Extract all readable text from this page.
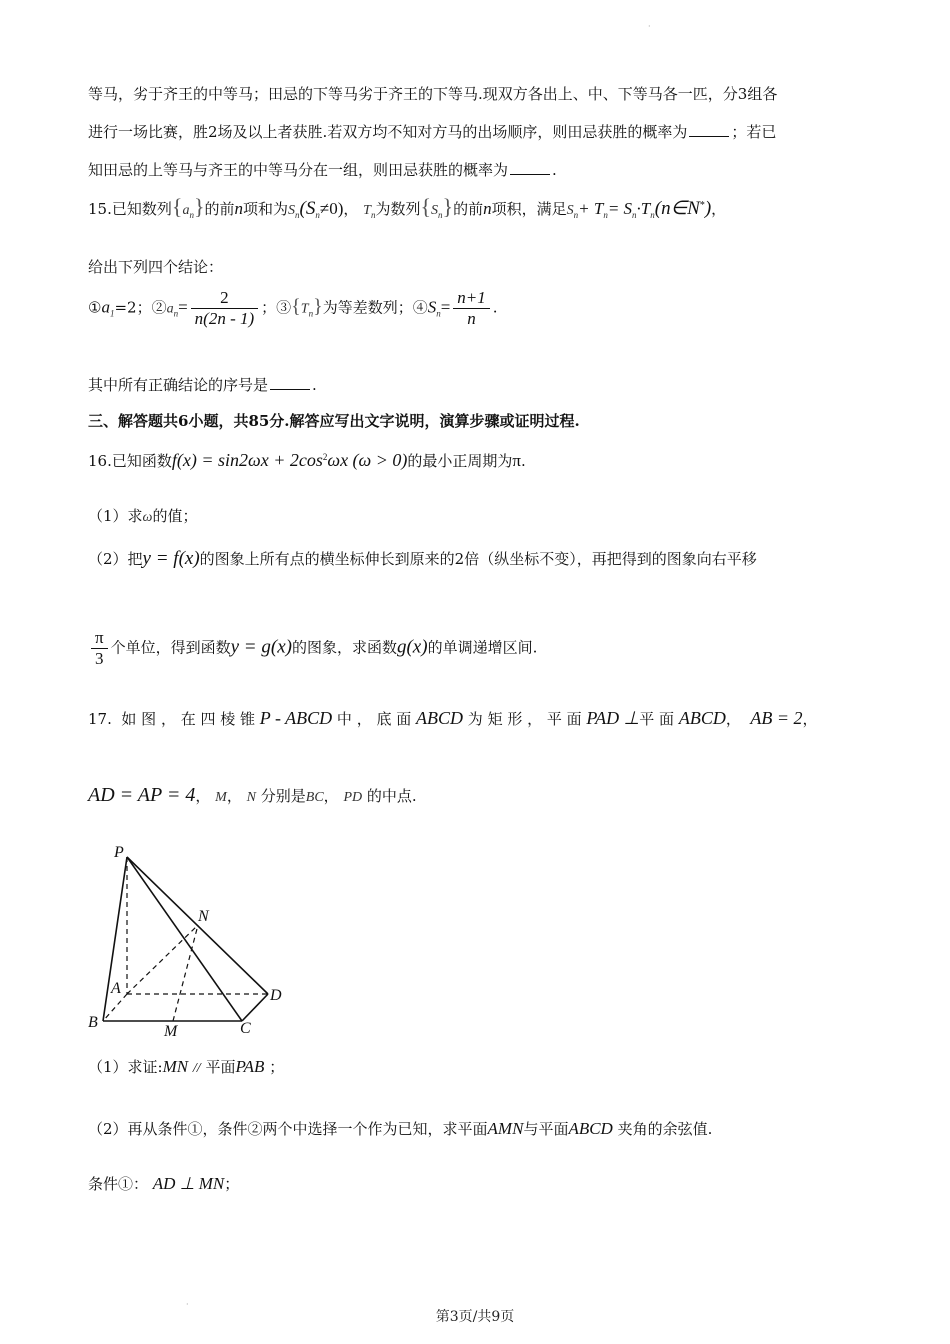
·
·
等马，劣于齐王的中等马；田忌的下等马劣于齐王的下等马.现双方各出上、中、下等马各一匹，分3组各
进行一场比赛，胜2场及以上者获胜.若双方均不知对方马的出场顺序，则田忌获胜的概率为	；若已
知田忌的上等马与齐王的中等马分在一组，则田忌获胜的概率为	.
15.已知数列$\{a_n\}$的前n项和为$S_n(S_n\ne 0)$， $T_n$为数列$\{S_n\}$的前n项积，满足$S_n+ T_n=$ $S_n\cdot T_n(n\in N^*)$，
给出下列四个结论：
$①a_1=2$；$②a_n= \frac{2}{n(2n - 1)}$ ；$③\{T_n\}$为等差数列；$④S_n= \frac{n+1}{n}$ .
其中所有正确结论的序号是	.
三、解答题共6小题，共85分.解答应写出文字说明，演算步骤或证明过程.
16.已知函数$f(x) = \sin 2\omega x + 2\cos^2\omega x$ (ω > 0)的最小正周期为π.
（1）求ω的值；
（2）把y = f(x)的图象上所有点的横坐标伸长到原来的2倍（纵坐标不变），再把得到的图象向右平移
$\frac{\pi}{3}$ 个单位，得到函数y = g(x)的图象，求函数g(x)的单调递增区间.
17. 如 图 ， 在 四 棱 锥 P - ABCD 中 ， 底 面 ABCD 为 矩 形 ， 平 面 PAD ⊥平 面 ABCD， AB = 2，
AD = AP = 4， M， N 分别是BC， PD 的中点.
P
N
A	D
B
M	C
（1）求证:MN // 平面PAB ；
（2）再从条件①，条件②两个中选择一个作为已知，求平面AMN与平面ABCD 夹角的余弦值.
条件①： AD ⊥ MN；
第3页/共9页
